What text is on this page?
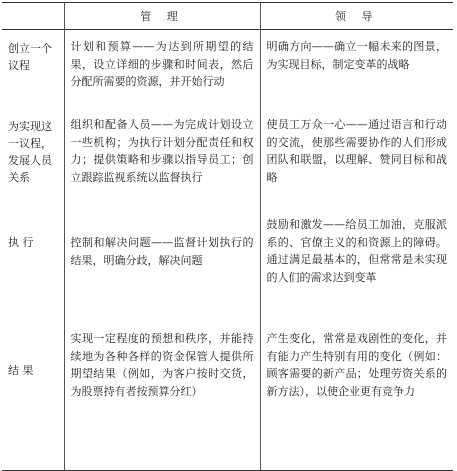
	管 理	领 导
创立一个议程	计划和预算——为达到所期望的结果，设立详细的步骤和时间表，然后分配所需要的资源，并开始行动	明确方向——确立一幅未来的图景，为实现目标，制定变革的战略
为实现这一议程，发展人员关系	组织和配备人员——为完成计划设立一些机构；为执行计划分配责任和权力；提供策略和步骤以指导员工；创立跟踪监视系统以监督执行	使员工万众一心——通过语言和行动的交流，使那些需要协作的人们形成团队和联盟，以理解、赞同目标和战略
执 行	控制和解决问题——监督计划执行的结果，明确分歧，解决问题	鼓励和激发——给员工加油，克服派系的、官僚主义的和资源上的障碍。通过满足最基本的，但常常是未实现的人们的需求达到变革
结 果	实现一定程度的预想和秩序，并能持续地为各种各样的资金保管人提供所期望结果（例如，为客户按时交货，为股票持有者按预算分红）	产生变化，常常是戏剧性的变化，并有能力产生特别有用的变化（例如：顾客需要的新产品；处理劳资关系的新方法），以使企业更有竞争力
